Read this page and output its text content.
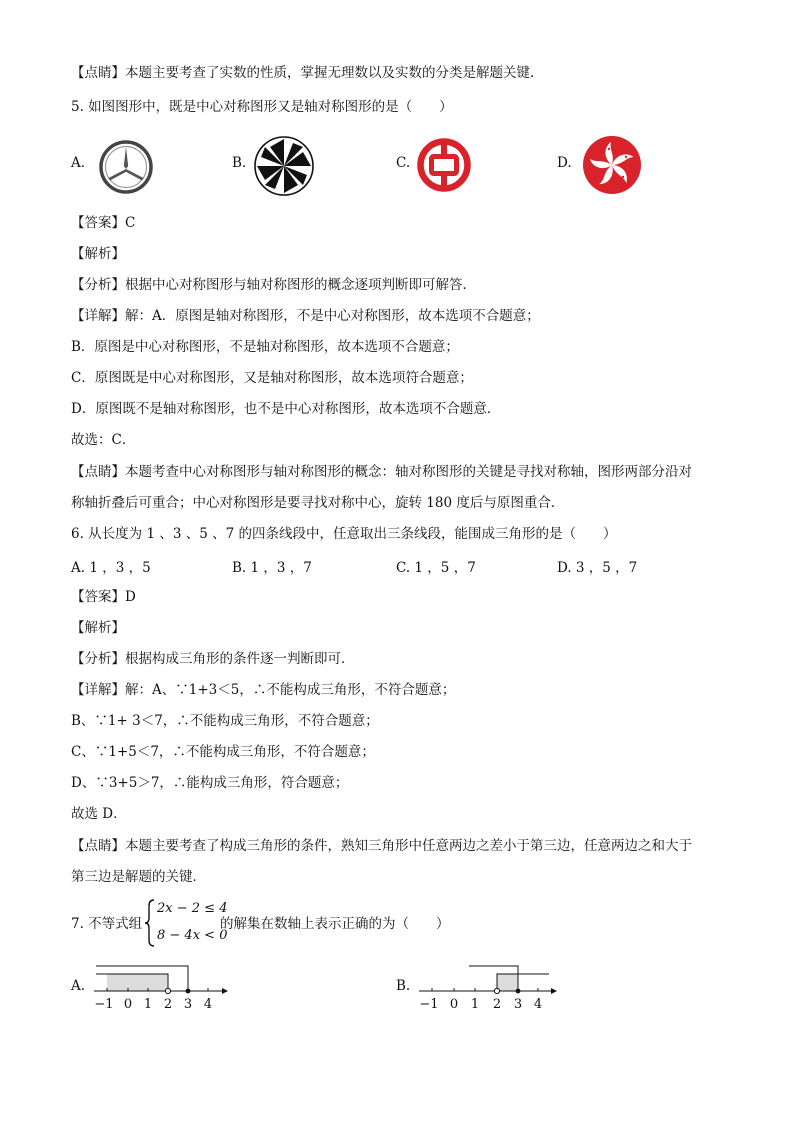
【点睛】本题主要考查了实数的性质，掌握无理数以及实数的分类是解题关键．
5. 如图图形中，既是中心对称图形又是轴对称图形的是（　　）
A.	B.	C.	D.
【答案】C
【解析】
【分析】根据中心对称图形与轴对称图形的概念逐项判断即可解答．
【详解】解：A．原图是轴对称图形，不是中心对称图形，故本选项不合题意；
B．原图是中心对称图形，不是轴对称图形，故本选项不合题意；
C．原图既是中心对称图形，又是轴对称图形，故本选项符合题意；
D．原图既不是轴对称图形，也不是中心对称图形，故本选项不合题意．
故选：C．
【点睛】本题考查中心对称图形与轴对称图形的概念：轴对称图形的关键是寻找对称轴，图形两部分沿对
称轴折叠后可重合；中心对称图形是要寻找对称中心，旋转 180 度后与原图重合．
6. 从长度为 1 、3 、5 、7 的四条线段中，任意取出三条线段，能围成三角形的是（　　）
A. 1 ，3 ，5	B. 1 ，3 ，7	C. 1 ，5 ，7	D. 3 ，5 ，7
【答案】D
【解析】
【分析】根据构成三角形的条件逐一判断即可．
【详解】解：A、∵1+3＜5，∴不能构成三角形，不符合题意；
B、∵1+ 3＜7，∴不能构成三角形，不符合题意；
C、∵1+5＜7，∴不能构成三角形，不符合题意；
D、∵3+5＞7，∴能构成三角形，符合题意；
故选 D．
【点睛】本题主要考查了构成三角形的条件，熟知三角形中任意两边之差小于第三边，任意两边之和大于
第三边是解题的关键．
7. 不等式组
2x − 2 ≤ 4
8 − 4x < 0
的解集在数轴上表示正确的为（　　）
A.
−1 0 1 2 3 4
B.
−1 0 1 2 3 4
